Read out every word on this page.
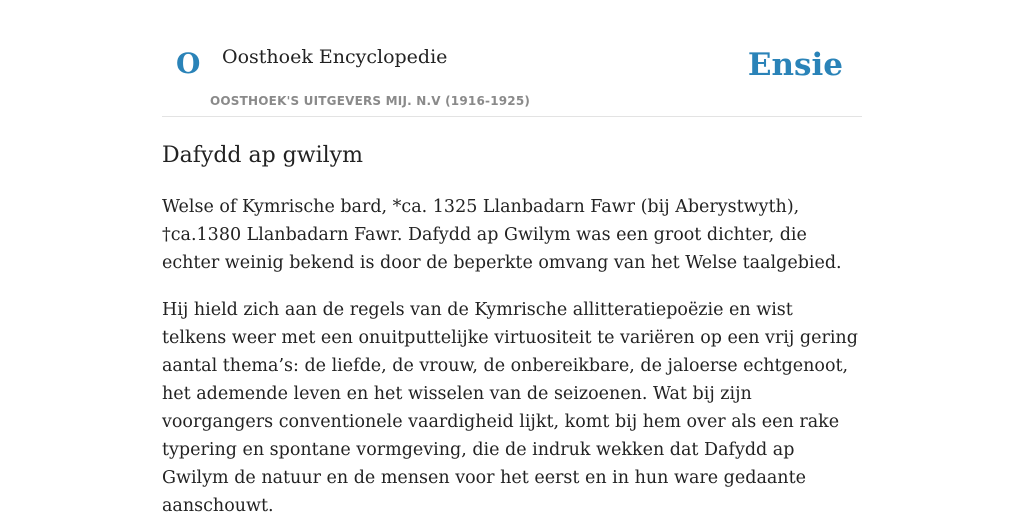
O Oosthoek Encyclopedie
OOSTHOEK'S UITGEVERS MIJ. N.V (1916-1925)
Ensie
Dafydd ap gwilym

Welse of Kymrische bard, *ca. 1325 Llanbadarn Fawr (bij Aberystwyth), †ca.1380 Llanbadarn Fawr. Dafydd ap Gwilym was een groot dichter, die echter weinig bekend is door de beperkte omvang van het Welse taalgebied.

Hij hield zich aan de regels van de Kymrische allitteratiepoëzie en wist telkens weer met een onuitputtelijke virtuositeit te variëren op een vrij gering aantal thema’s: de liefde, de vrouw, de onbereikbare, de jaloerse echtgenoot, het ademende leven en het wisselen van de seizoenen. Wat bij zijn voorgangers conventionele vaardigheid lijkt, komt bij hem over als een rake typering en spontane vormgeving, die de indruk wekken dat Dafydd ap Gwilym de natuur en de mensen voor het eerst en in hun ware gedaante aanschouwt.
